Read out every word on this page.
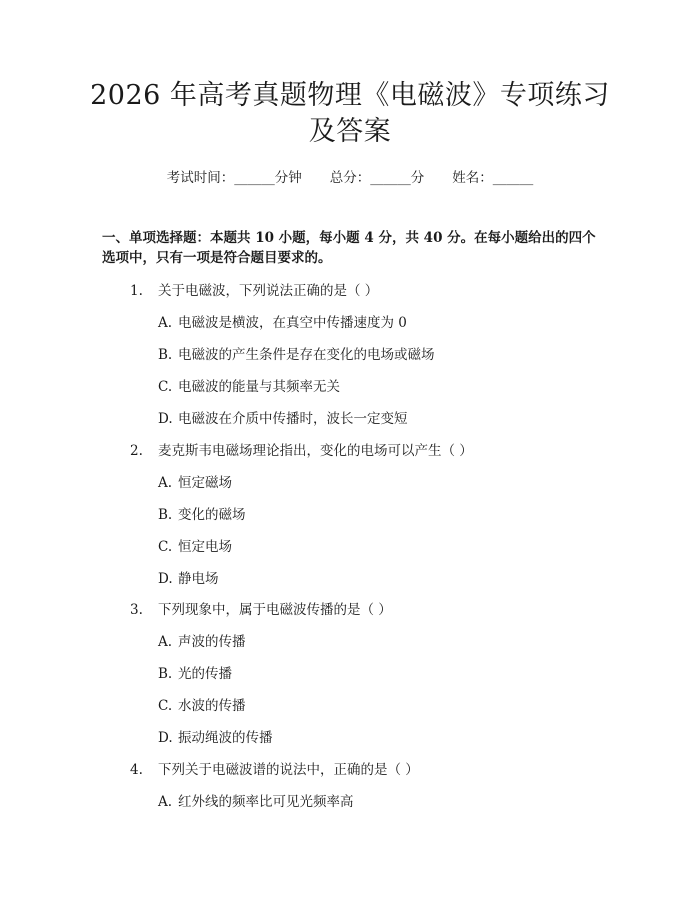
2026 年高考真题物理《电磁波》专项练习及答案
考试时间：______分钟 总分：______分 姓名：______
一、单项选择题：本题共 10 小题，每小题 4 分，共 40 分。在每小题给出的四个选项中，只有一项是符合题目要求的。
1. 关于电磁波，下列说法正确的是（ ）
A. 电磁波是横波，在真空中传播速度为 0
B. 电磁波的产生条件是存在变化的电场或磁场
C. 电磁波的能量与其频率无关
D. 电磁波在介质中传播时，波长一定变短
2. 麦克斯韦电磁场理论指出，变化的电场可以产生（ ）
A. 恒定磁场
B. 变化的磁场
C. 恒定电场
D. 静电场
3. 下列现象中，属于电磁波传播的是（ ）
A. 声波的传播
B. 光的传播
C. 水波的传播
D. 振动绳波的传播
4. 下列关于电磁波谱的说法中，正确的是（ ）
A. 红外线的频率比可见光频率高
